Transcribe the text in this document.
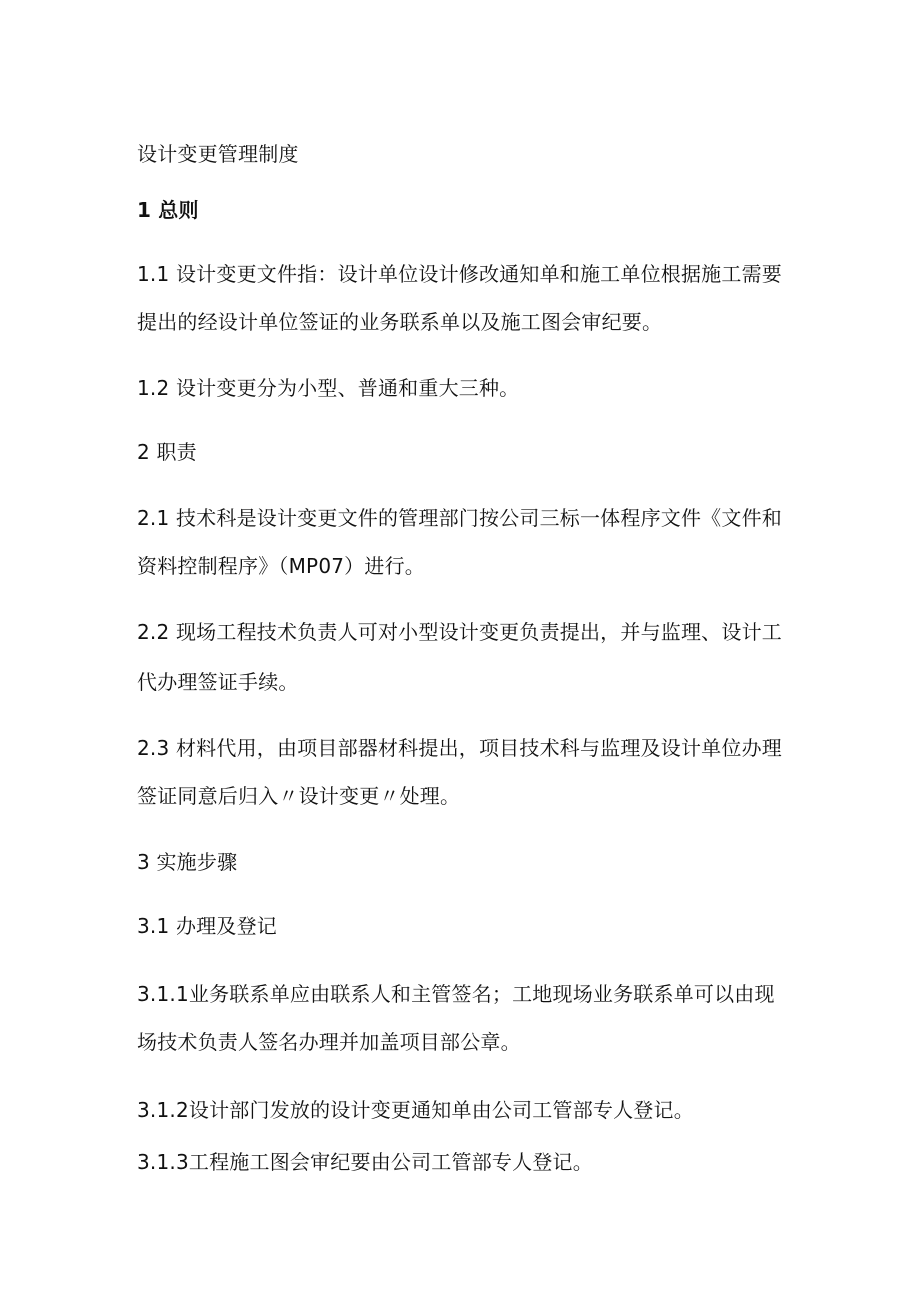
设计变更管理制度
1 总则
1.1 设计变更文件指：设计单位设计修改通知单和施工单位根据施工需要
提出的经设计单位签证的业务联系单以及施工图会审纪要。
1.2 设计变更分为小型、普通和重大三种。
2 职责
2.1 技术科是设计变更文件的管理部门按公司三标一体程序文件《文件和
资料控制程序》（MP07）进行。
2.2 现场工程技术负责人可对小型设计变更负责提出，并与监理、设计工
代办理签证手续。
2.3 材料代用，由项目部器材科提出，项目技术科与监理及设计单位办理
签证同意后归入〃设计变更〃处理。
3 实施步骤
3.1 办理及登记
3.1.1业务联系单应由联系人和主管签名；工地现场业务联系单可以由现
场技术负责人签名办理并加盖项目部公章。
3.1.2设计部门发放的设计变更通知单由公司工管部专人登记。
3.1.3工程施工图会审纪要由公司工管部专人登记。
